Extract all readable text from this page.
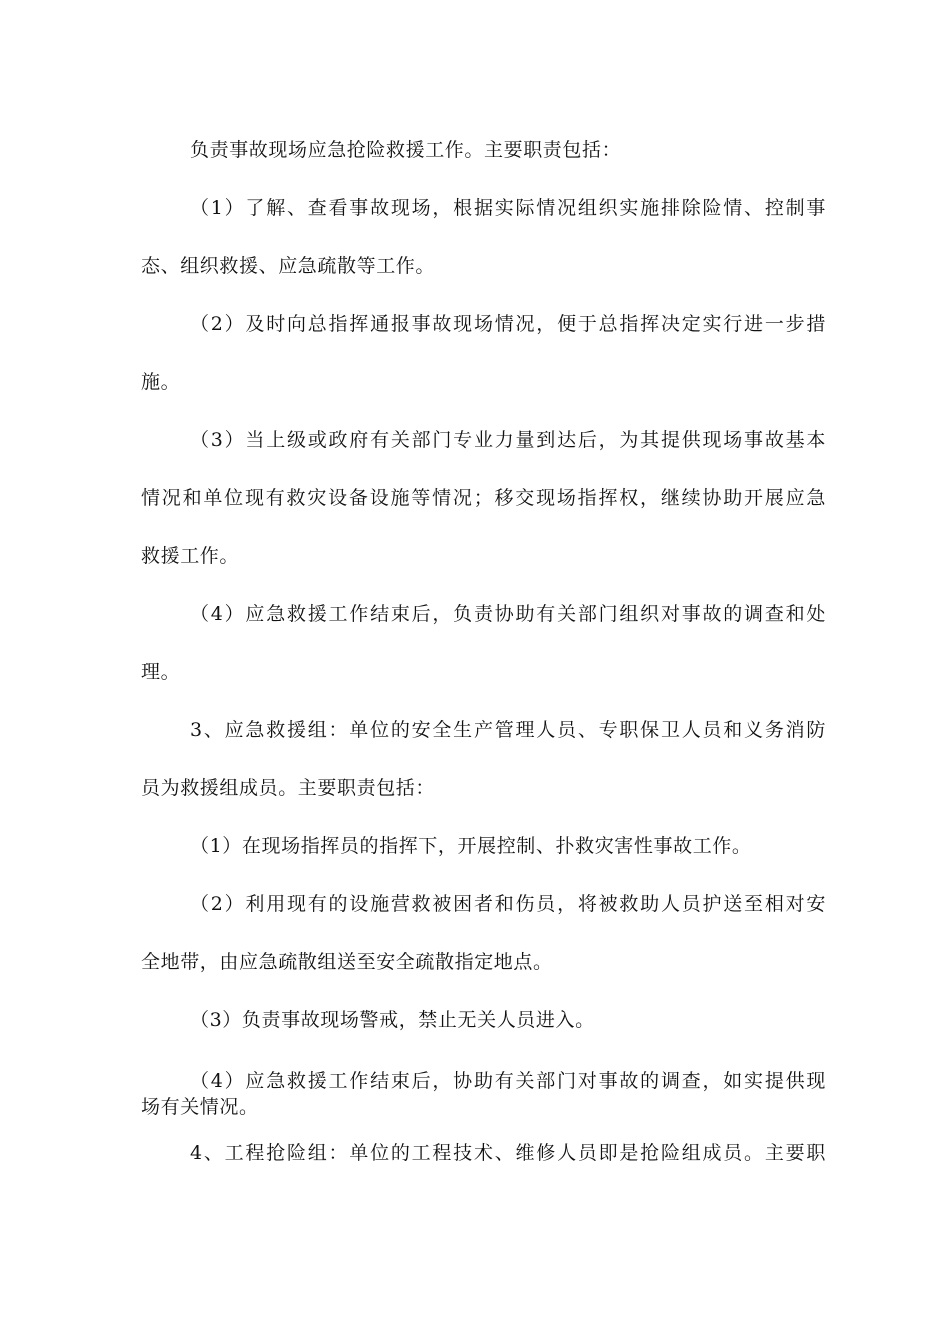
负责事故现场应急抢险救援工作。主要职责包括：
（1）了解、查看事故现场，根据实际情况组织实施排除险情、控制事
态、组织救援、应急疏散等工作。
（2）及时向总指挥通报事故现场情况，便于总指挥决定实行进一步措
施。
（3）当上级或政府有关部门专业力量到达后，为其提供现场事故基本
情况和单位现有救灾设备设施等情况；移交现场指挥权，继续协助开展应急
救援工作。
（4）应急救援工作结束后，负责协助有关部门组织对事故的调查和处
理。
3、应急救援组：单位的安全生产管理人员、专职保卫人员和义务消防
员为救援组成员。主要职责包括：
（1）在现场指挥员的指挥下，开展控制、扑救灾害性事故工作。
（2）利用现有的设施营救被困者和伤员，将被救助人员护送至相对安
全地带，由应急疏散组送至安全疏散指定地点。
（3）负责事故现场警戒，禁止无关人员进入。
（4）应急救援工作结束后，协助有关部门对事故的调查，如实提供现
场有关情况。
4、工程抢险组：单位的工程技术、维修人员即是抢险组成员。主要职
